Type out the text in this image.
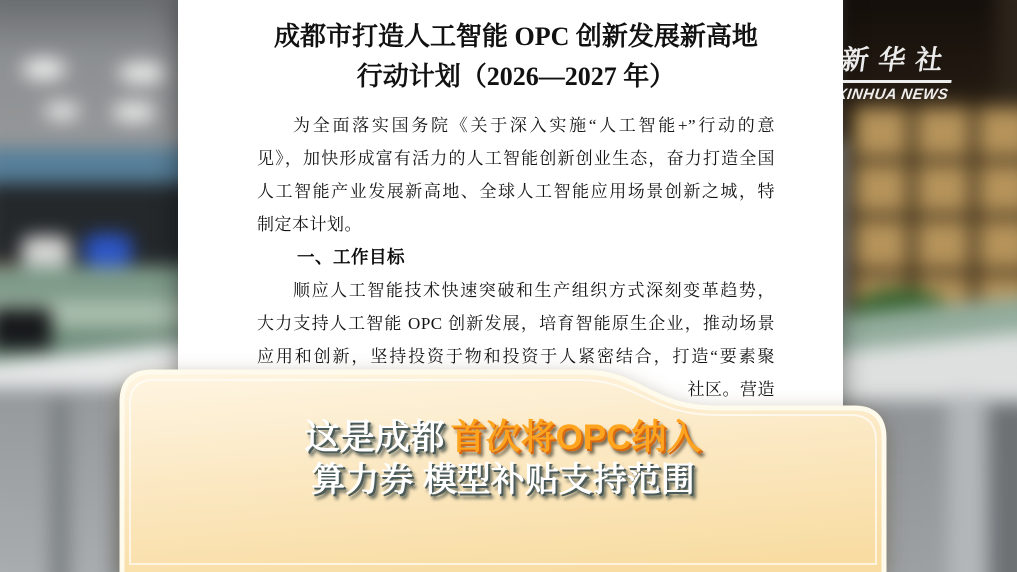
成都市打造人工智能 OPC 创新发展新高地
行动计划（2026—2027 年）
为全面落实国务院《关于深入实施“人工智能+”行动的意
见》，加快形成富有活力的人工智能创新创业生态，奋力打造全国
人工智能产业发展新高地、全球人工智能应用场景创新之城，特
制定本计划。
一、工作目标
顺应人工智能技术快速突破和生产组织方式深刻变革趋势，
大力支持人工智能 OPC 创新发展，培育智能原生企业，推动场景
应用和创新，坚持投资于物和投资于人紧密结合，打造“要素聚
社区。营造
新华社
XINHUA NEWS
这是成都 首次将OPC纳入
算力券 模型补贴支持范围
